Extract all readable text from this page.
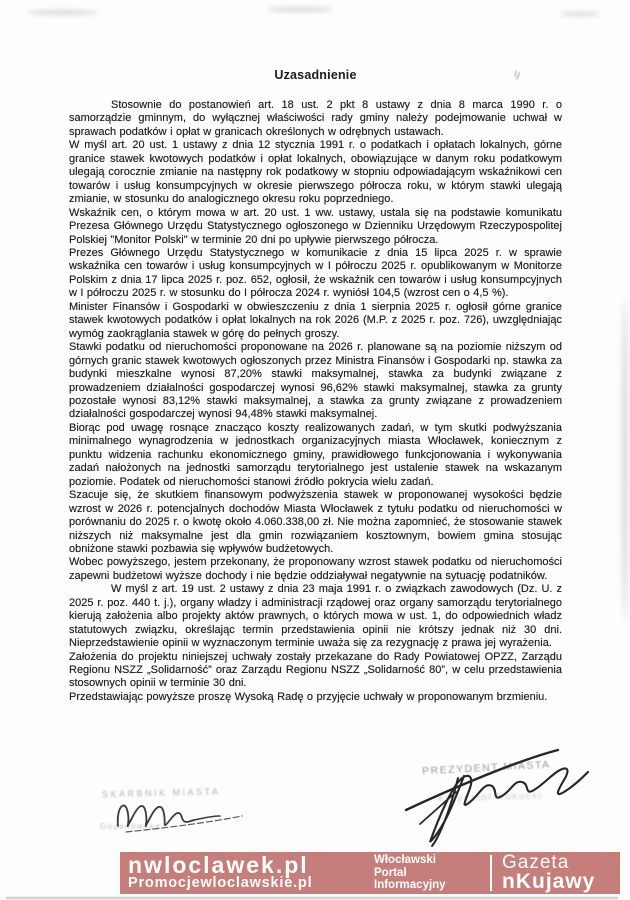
Uzasadnienie	ų

Stosownie do postanowień art. 18 ust. 2 pkt 8 ustawy z dnia 8 marca 1990 r. o samorządzie gminnym, do wyłącznej właściwości rady gminy należy podejmowanie uchwał w sprawach podatków i opłat w granicach określonych w odrębnych ustawach.

W myśl art. 20 ust. 1 ustawy z dnia 12 stycznia 1991 r. o podatkach i opłatach lokalnych, górne granice stawek kwotowych podatków i opłat lokalnych, obowiązujące w danym roku podatkowym ulegają corocznie zmianie na następny rok podatkowy w stopniu odpowiadającym wskaźnikowi cen towarów i usług konsumpcyjnych w okresie pierwszego półrocza roku, w którym stawki ulegają zmianie, w stosunku do analogicznego okresu roku poprzedniego.

Wskaźnik cen, o którym mowa w art. 20 ust. 1 ww. ustawy, ustala się na podstawie komunikatu Prezesa Głównego Urzędu Statystycznego ogłoszonego w Dzienniku Urzędowym Rzeczypospolitej Polskiej "Monitor Polski" w terminie 20 dni po upływie pierwszego półrocza.

Prezes Głównego Urzędu Statystycznego w komunikacie z dnia 15 lipca 2025 r. w sprawie wskaźnika cen towarów i usług konsumpcyjnych w I półroczu 2025 r. opublikowanym w Monitorze Polskim z dnia 17 lipca 2025 r. poz. 652, ogłosił, że wskaźnik cen towarów i usług konsumpcyjnych w I półroczu 2025 r. w stosunku do I półrocza 2024 r. wyniósł 104,5 (wzrost cen o 4,5 %).

Minister Finansów i Gospodarki w obwieszczeniu z dnia 1 sierpnia 2025 r. ogłosił górne granice stawek kwotowych podatków i opłat lokalnych na rok 2026 (M.P. z 2025 r. poz. 726), uwzględniając wymóg zaokrąglania stawek w górę do pełnych groszy.

Stawki podatku od nieruchomości proponowane na 2026 r. planowane są na poziomie niższym od górnych granic stawek kwotowych ogłoszonych przez Ministra Finansów i Gospodarki np. stawka za budynki mieszkalne wynosi 87,20% stawki maksymalnej, stawka za budynki związane z prowadzeniem działalności gospodarczej wynosi 96,62% stawki maksymalnej, stawka za grunty pozostałe wynosi 83,12% stawki maksymalnej, a stawka za grunty związane z prowadzeniem działalności gospodarczej wynosi 94,48% stawki maksymalnej.

Biorąc pod uwagę rosnące znacząco koszty realizowanych zadań, w tym skutki podwyższania minimalnego wynagrodzenia w jednostkach organizacyjnych miasta Włocławek, koniecznym z punktu widzenia rachunku ekonomicznego gminy, prawidłowego funkcjonowania i wykonywania zadań nałożonych na jednostki samorządu terytorialnego jest ustalenie stawek na wskazanym poziomie. Podatek od nieruchomości stanowi źródło pokrycia wielu zadań.

Szacuje się, że skutkiem finansowym podwyższenia stawek w proponowanej wysokości będzie wzrost w 2026 r. potencjalnych dochodów Miasta Włocławek z tytułu podatku od nieruchomości w porównaniu do 2025 r. o kwotę około 4.060.338,00 zł. Nie można zapomnieć, że stosowanie stawek niższych niż maksymalne jest dla gmin rozwiązaniem kosztownym, bowiem gmina stosując obniżone stawki pozbawia się wpływów budżetowych.

Wobec powyższego, jestem przekonany, że proponowany wzrost stawek podatku od nieruchomości zapewni budżetowi wyższe dochody i nie będzie oddziaływał negatywnie na sytuację podatników.

W myśl z art. 19 ust. 2 ustawy z dnia 23 maja 1991 r. o związkach zawodowych (Dz. U. z 2025 r. poz. 440 t. j.), organy władzy i administracji rządowej oraz organy samorządu terytorialnego kierują założenia albo projekty aktów prawnych, o których mowa w ust. 1, do odpowiednich władz statutowych związku, określając termin przedstawienia opinii nie krótszy jednak niż 30 dni. Nieprzedstawienie opinii w wyznaczonym terminie uważa się za rezygnację z prawa jej wyrażenia.

Założenia do projektu niniejszej uchwały zostały przekazane do Rady Powiatowej OPZZ, Zarządu Regionu NSZZ „Solidarność” oraz Zarządu Regionu NSZZ „Solidarność 80”, w celu przedstawienia stosownych opinii w terminie 30 dni.

Przedstawiając powyższe proszę Wysoką Radę o przyjęcie uchwały w proponowanym brzmieniu.

PREZYDENT MIASTA
Krzysztof Kukucki
SKARBNIK MIASTA
Gozanowska
nwloclawek.pl
Promocjewloclawskie.pl
Włocławski
Portal
Informacyjny
Gazeta
nKujawy
